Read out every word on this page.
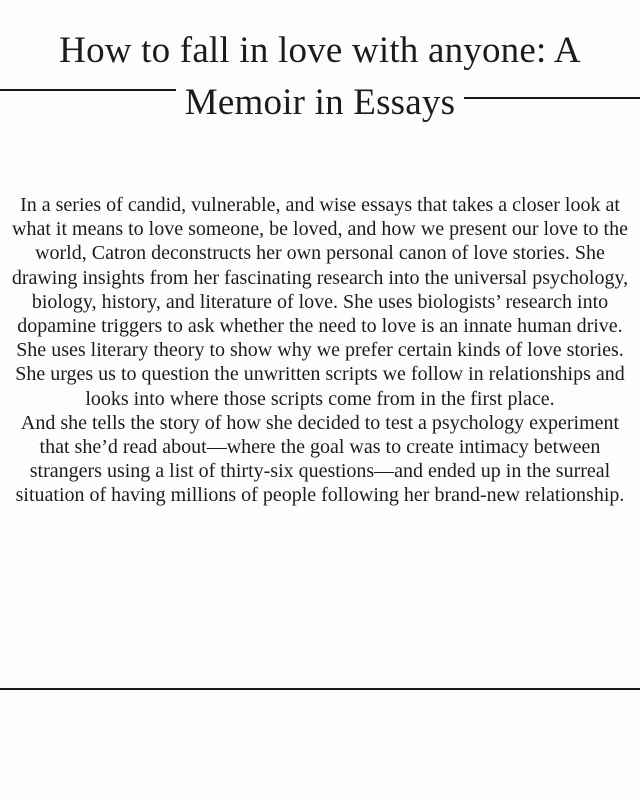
How to fall in love with anyone: A
Memoir in Essays

In a series of candid, vulnerable, and wise essays that takes a closer look at what it means to love someone, be loved, and how we present our love to the world, Catron deconstructs her own personal canon of love stories. She drawing insights from her fascinating research into the universal psychology, biology, history, and literature of love. She uses biologists’ research into dopamine triggers to ask whether the need to love is an innate human drive. She uses literary theory to show why we prefer certain kinds of love stories. She urges us to question the unwritten scripts we follow in relationships and looks into where those scripts come from in the first place.

And she tells the story of how she decided to test a psychology experiment that she’d read about—where the goal was to create intimacy between strangers using a list of thirty-six questions—and ended up in the surreal situation of having millions of people following her brand-new relationship.
